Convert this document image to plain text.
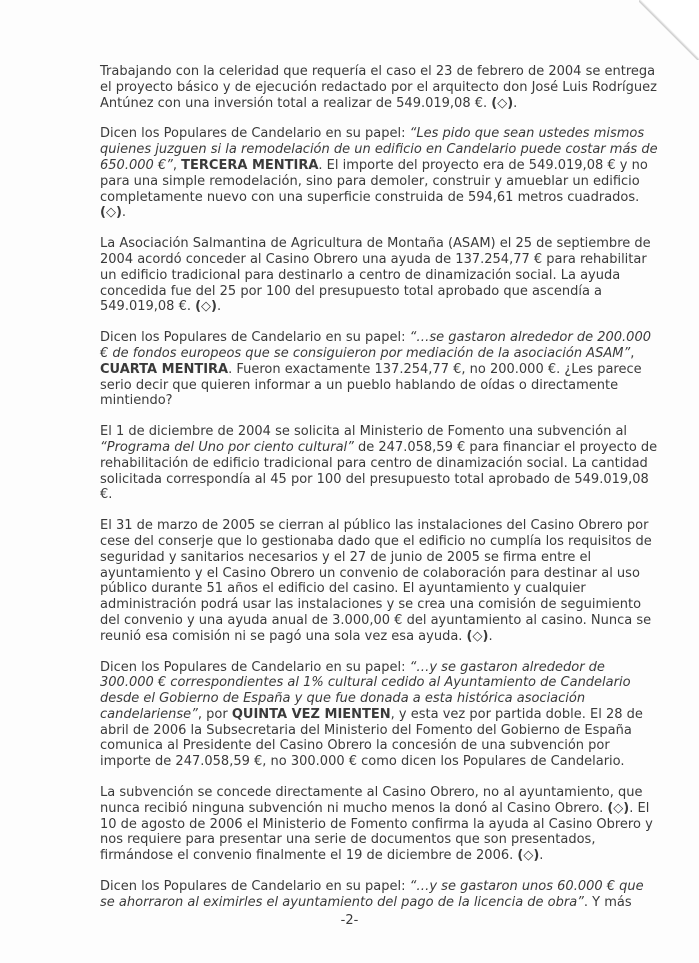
Trabajando con la celeridad que requería el caso el 23 de febrero de 2004 se entrega el proyecto básico y de ejecución redactado por el arquitecto don José Luis Rodríguez Antúnez con una inversión total a realizar de 549.019,08 €. (◇).

Dicen los Populares de Candelario en su papel: “Les pido que sean ustedes mismos quienes juzguen si la remodelación de un edificio en Candelario puede costar más de 650.000 €”, TERCERA MENTIRA. El importe del proyecto era de 549.019,08 € y no para una simple remodelación, sino para demoler, construir y amueblar un edificio completamente nuevo con una superficie construida de 594,61 metros cuadrados. (◇).

La Asociación Salmantina de Agricultura de Montaña (ASAM) el 25 de septiembre de 2004 acordó conceder al Casino Obrero una ayuda de 137.254,77 € para rehabilitar un edificio tradicional para destinarlo a centro de dinamización social. La ayuda concedida fue del 25 por 100 del presupuesto total aprobado que ascendía a 549.019,08 €. (◇).

Dicen los Populares de Candelario en su papel: “…se gastaron alrededor de 200.000 € de fondos europeos que se consiguieron por mediación de la asociación ASAM”, CUARTA MENTIRA. Fueron exactamente 137.254,77 €, no 200.000 €. ¿Les parece serio decir que quieren informar a un pueblo hablando de oídas o directamente mintiendo?

El 1 de diciembre de 2004 se solicita al Ministerio de Fomento una subvención al “Programa del Uno por ciento cultural” de 247.058,59 € para financiar el proyecto de rehabilitación de edificio tradicional para centro de dinamización social. La cantidad solicitada correspondía al 45 por 100 del presupuesto total aprobado de 549.019,08 €.

El 31 de marzo de 2005 se cierran al público las instalaciones del Casino Obrero por cese del conserje que lo gestionaba dado que el edificio no cumplía los requisitos de seguridad y sanitarios necesarios y el 27 de junio de 2005 se firma entre el ayuntamiento y el Casino Obrero un convenio de colaboración para destinar al uso público durante 51 años el edificio del casino. El ayuntamiento y cualquier administración podrá usar las instalaciones y se crea una comisión de seguimiento del convenio y una ayuda anual de 3.000,00 € del ayuntamiento al casino. Nunca se reunió esa comisión ni se pagó una sola vez esa ayuda. (◇).

Dicen los Populares de Candelario en su papel: “…y se gastaron alrededor de 300.000 € correspondientes al 1% cultural cedido al Ayuntamiento de Candelario desde el Gobierno de España y que fue donada a esta histórica asociación candelariense”, por QUINTA VEZ MIENTEN, y esta vez por partida doble. El 28 de abril de 2006 la Subsecretaria del Ministerio del Fomento del Gobierno de España comunica al Presidente del Casino Obrero la concesión de una subvención por importe de 247.058,59 €, no 300.000 € como dicen los Populares de Candelario.

La subvención se concede directamente al Casino Obrero, no al ayuntamiento, que nunca recibió ninguna subvención ni mucho menos la donó al Casino Obrero. (◇). El 10 de agosto de 2006 el Ministerio de Fomento confirma la ayuda al Casino Obrero y nos requiere para presentar una serie de documentos que son presentados, firmándose el convenio finalmente el 19 de diciembre de 2006. (◇).

Dicen los Populares de Candelario en su papel: “…y se gastaron unos 60.000 € que se ahorraron al eximirles el ayuntamiento del pago de la licencia de obra”. Y más

-2-
